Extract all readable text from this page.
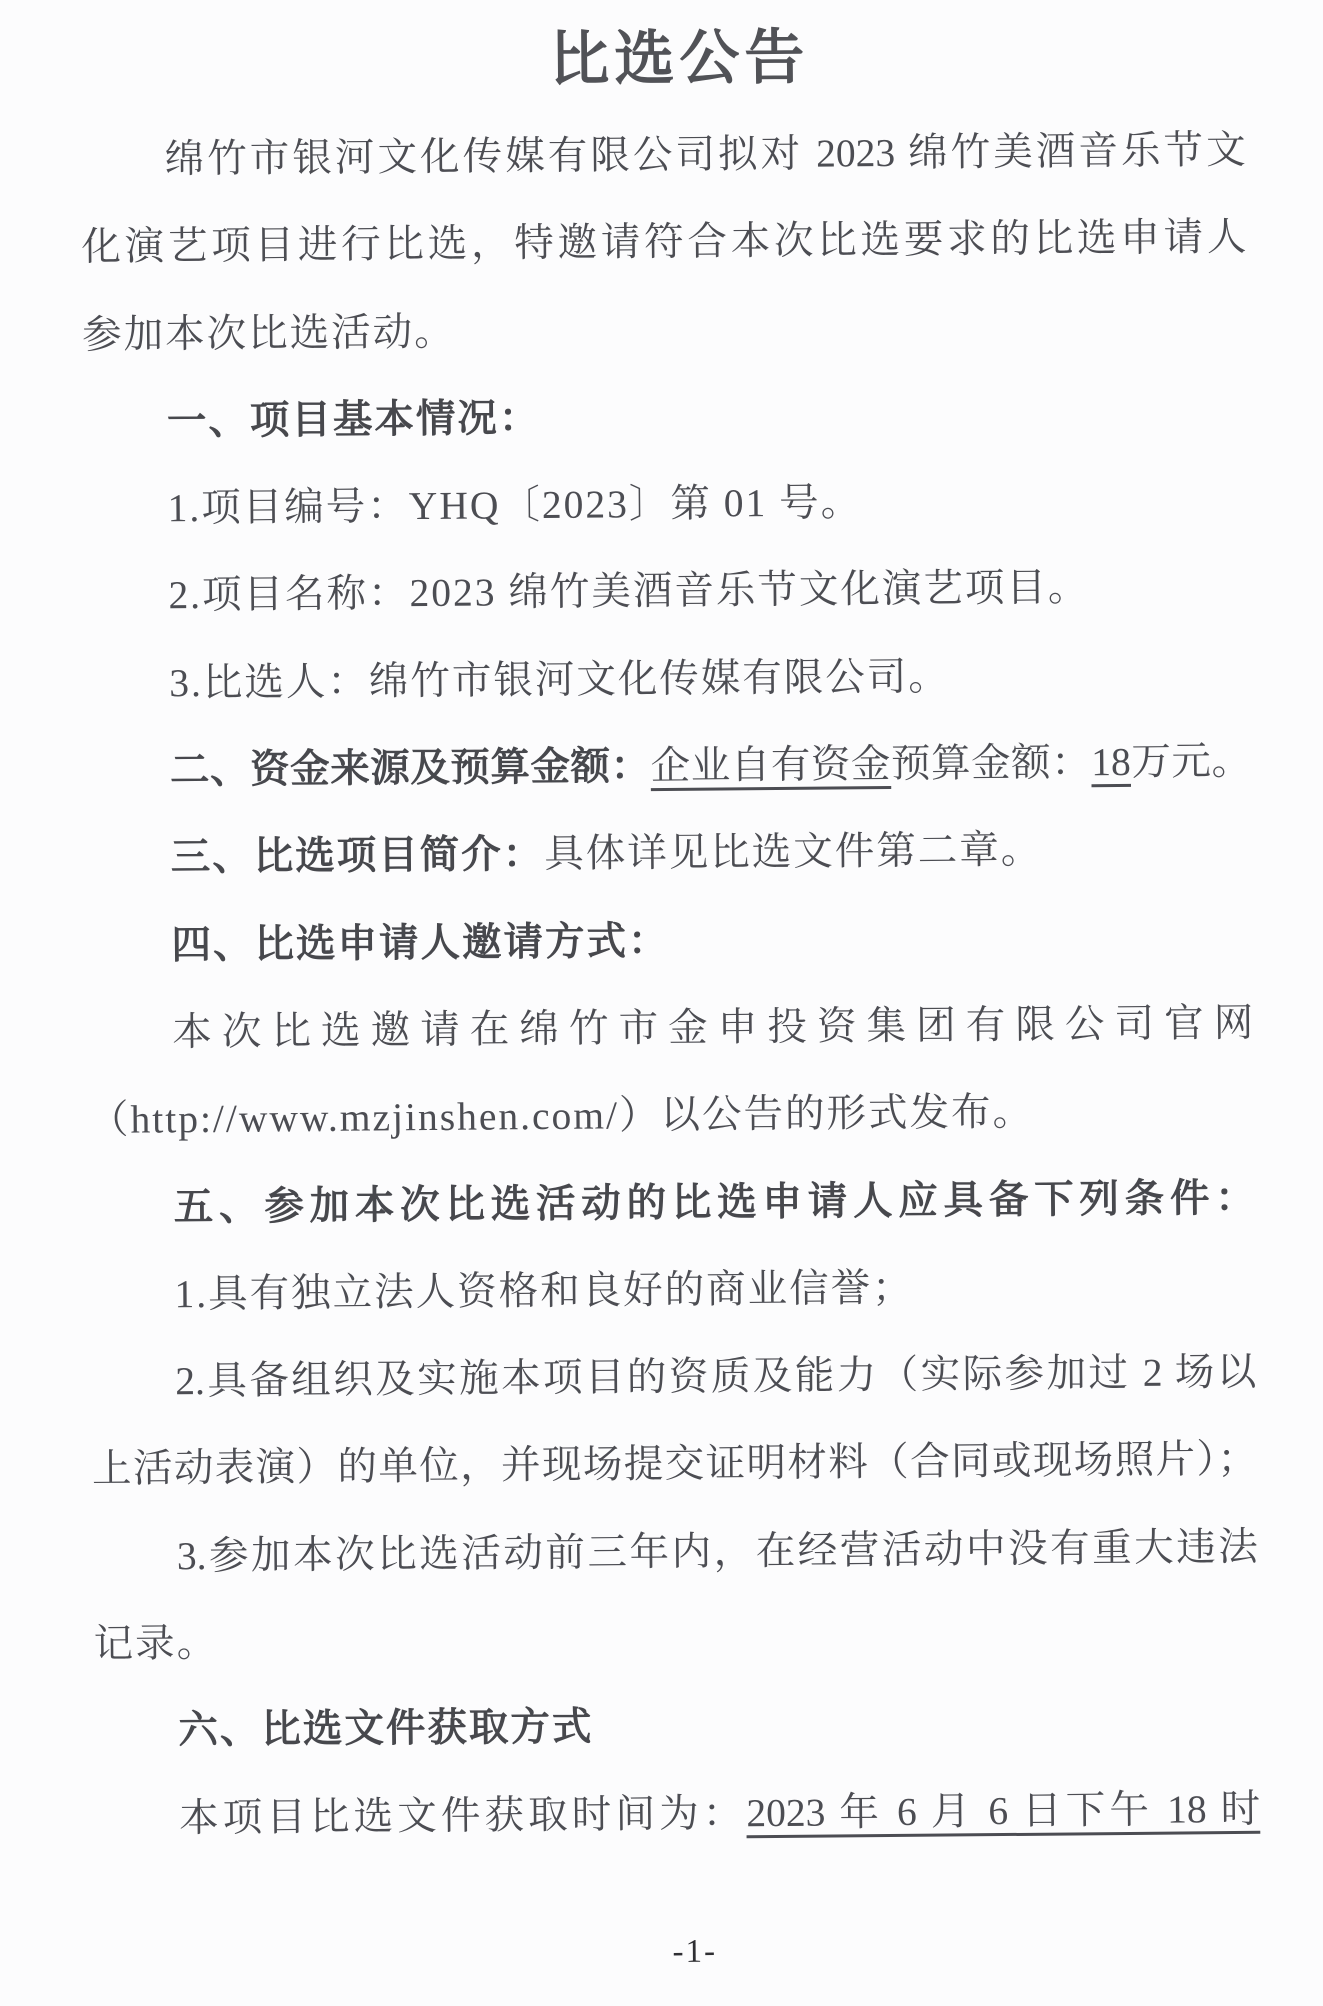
比选公告
绵竹市银河文化传媒有限公司拟对 2023 绵竹美酒音乐节文
化演艺项目进行比选，特邀请符合本次比选要求的比选申请人
参加本次比选活动。
一、项目基本情况：
1.项目编号：YHQ〔2023〕第 01 号。
2.项目名称：2023 绵竹美酒音乐节文化演艺项目。
3.比选人：绵竹市银河文化传媒有限公司。
二、资金来源及预算金额：企业自有资金预算金额：18万元。
三、比选项目简介：具体详见比选文件第二章。
四、比选申请人邀请方式：
本次比选邀请在绵竹市金申投资集团有限公司官网
（http://www.mzjinshen.com/）以公告的形式发布。
五、参加本次比选活动的比选申请人应具备下列条件：
1.具有独立法人资格和良好的商业信誉；
2.具备组织及实施本项目的资质及能力（实际参加过 2 场以
上活动表演）的单位，并现场提交证明材料（合同或现场照片）；
3.参加本次比选活动前三年内，在经营活动中没有重大违法
记录。
六、比选文件获取方式
本项目比选文件获取时间为：2023 年 6 月 6 日下午 18 时
-1-
